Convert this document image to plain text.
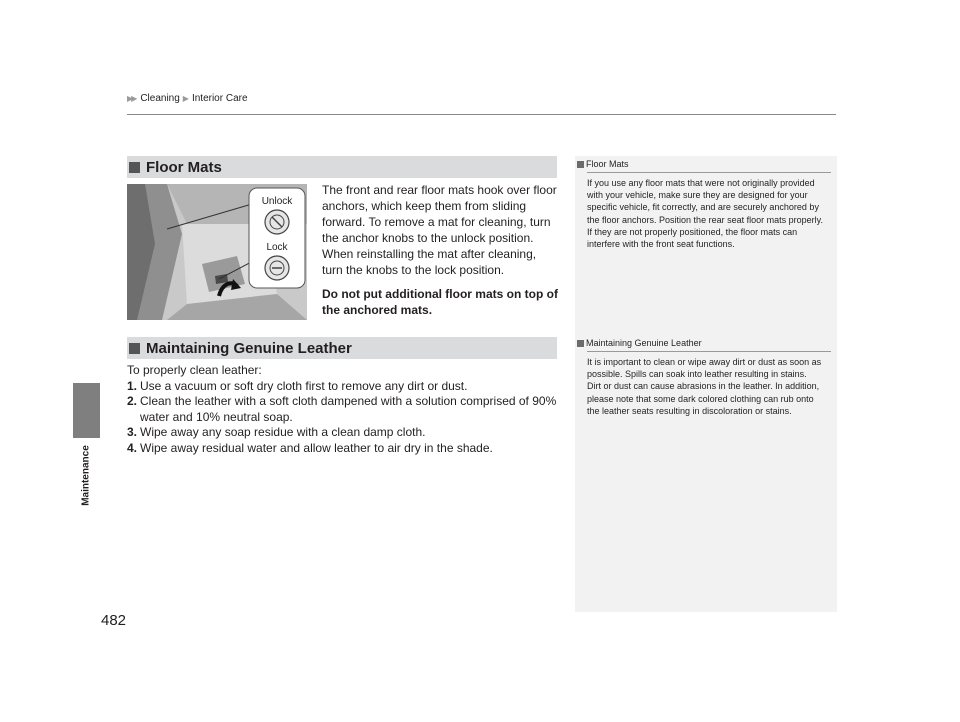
▶▶ Cleaning ▶ Interior Care
Maintenance
482
Floor Mats
Unlock
Lock

The front and rear floor mats hook over floor anchors, which keep them from sliding forward. To remove a mat for cleaning, turn the anchor knobs to the unlock position. When reinstalling the mat after cleaning, turn the knobs to the lock position.

Do not put additional floor mats on top of the anchored mats.

Maintaining Genuine Leather
To properly clean leather:
1. Use a vacuum or soft dry cloth first to remove any dirt or dust.
2. Clean the leather with a soft cloth dampened with a solution comprised of 90% water and 10% neutral soap.
3. Wipe away any soap residue with a clean damp cloth.
4. Wipe away residual water and allow leather to air dry in the shade.
Floor Mats
If you use any floor mats that were not originally provided with your vehicle, make sure they are designed for your specific vehicle, fit correctly, and are securely anchored by the floor anchors. Position the rear seat floor mats properly. If they are not properly positioned, the floor mats can interfere with the front seat functions.
Maintaining Genuine Leather
It is important to clean or wipe away dirt or dust as soon as possible. Spills can soak into leather resulting in stains. Dirt or dust can cause abrasions in the leather. In addition, please note that some dark colored clothing can rub onto the leather seats resulting in discoloration or stains.
